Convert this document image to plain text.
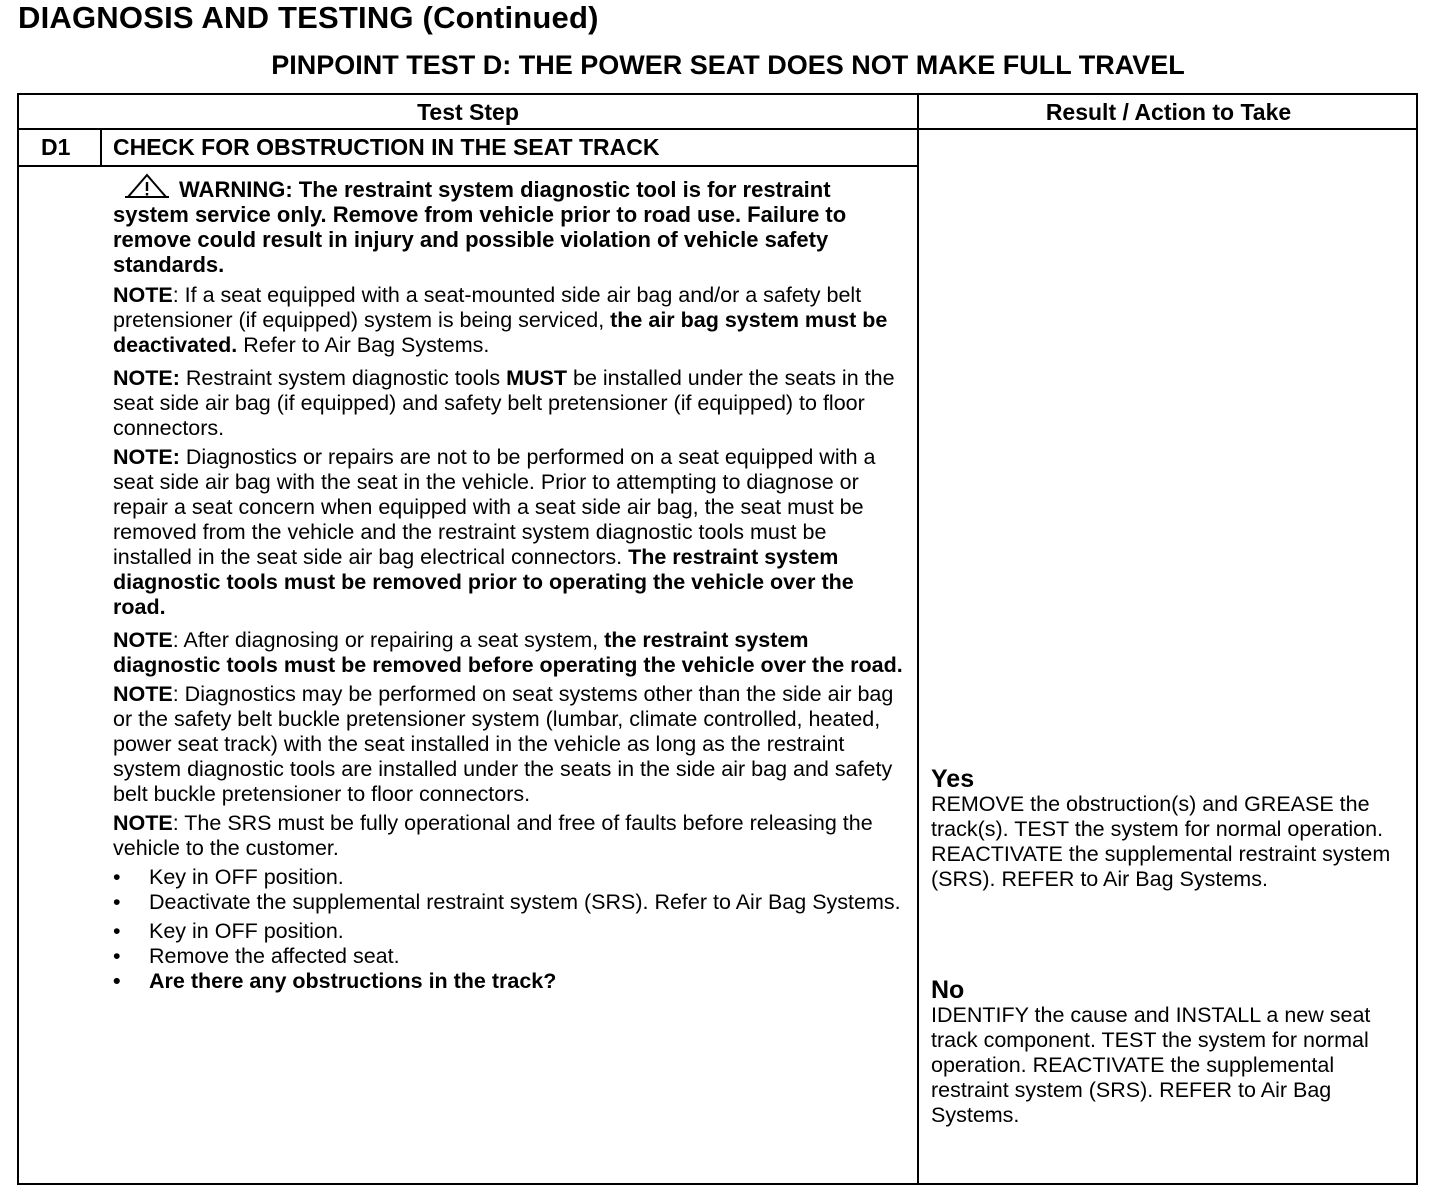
DIAGNOSIS AND TESTING (Continued)
PINPOINT TEST D: THE POWER SEAT DOES NOT MAKE FULL TRAVEL
Test Step	Result / Action to Take
D1 CHECK FOR OBSTRUCTION IN THE SEAT TRACK

WARNING: The restraint system diagnostic tool is for restraint system service only. Remove from vehicle prior to road use. Failure to remove could result in injury and possible violation of vehicle safety standards.

NOTE: If a seat equipped with a seat-mounted side air bag and/or a safety belt pretensioner (if equipped) system is being serviced, the air bag system must be deactivated. Refer to Air Bag Systems.

NOTE: Restraint system diagnostic tools MUST be installed under the seats in the seat side air bag (if equipped) and safety belt pretensioner (if equipped) to floor connectors.

NOTE: Diagnostics or repairs are not to be performed on a seat equipped with a seat side air bag with the seat in the vehicle. Prior to attempting to diagnose or repair a seat concern when equipped with a seat side air bag, the seat must be removed from the vehicle and the restraint system diagnostic tools must be installed in the seat side air bag electrical connectors. The restraint system diagnostic tools must be removed prior to operating the vehicle over the road.

NOTE: After diagnosing or repairing a seat system, the restraint system diagnostic tools must be removed before operating the vehicle over the road.

NOTE: Diagnostics may be performed on seat systems other than the side air bag or the safety belt buckle pretensioner system (lumbar, climate controlled, heated, power seat track) with the seat installed in the vehicle as long as the restraint system diagnostic tools are installed under the seats in the side air bag and safety belt buckle pretensioner to floor connectors.

NOTE: The SRS must be fully operational and free of faults before releasing the vehicle to the customer.

• Key in OFF position.
• Deactivate the supplemental restraint system (SRS). Refer to Air Bag Systems.
• Key in OFF position.
• Remove the affected seat.
• Are there any obstructions in the track?
Yes
REMOVE the obstruction(s) and GREASE the track(s). TEST the system for normal operation. REACTIVATE the supplemental restraint system (SRS). REFER to Air Bag Systems.
No
IDENTIFY the cause and INSTALL a new seat track component. TEST the system for normal operation. REACTIVATE the supplemental restraint system (SRS). REFER to Air Bag Systems.
